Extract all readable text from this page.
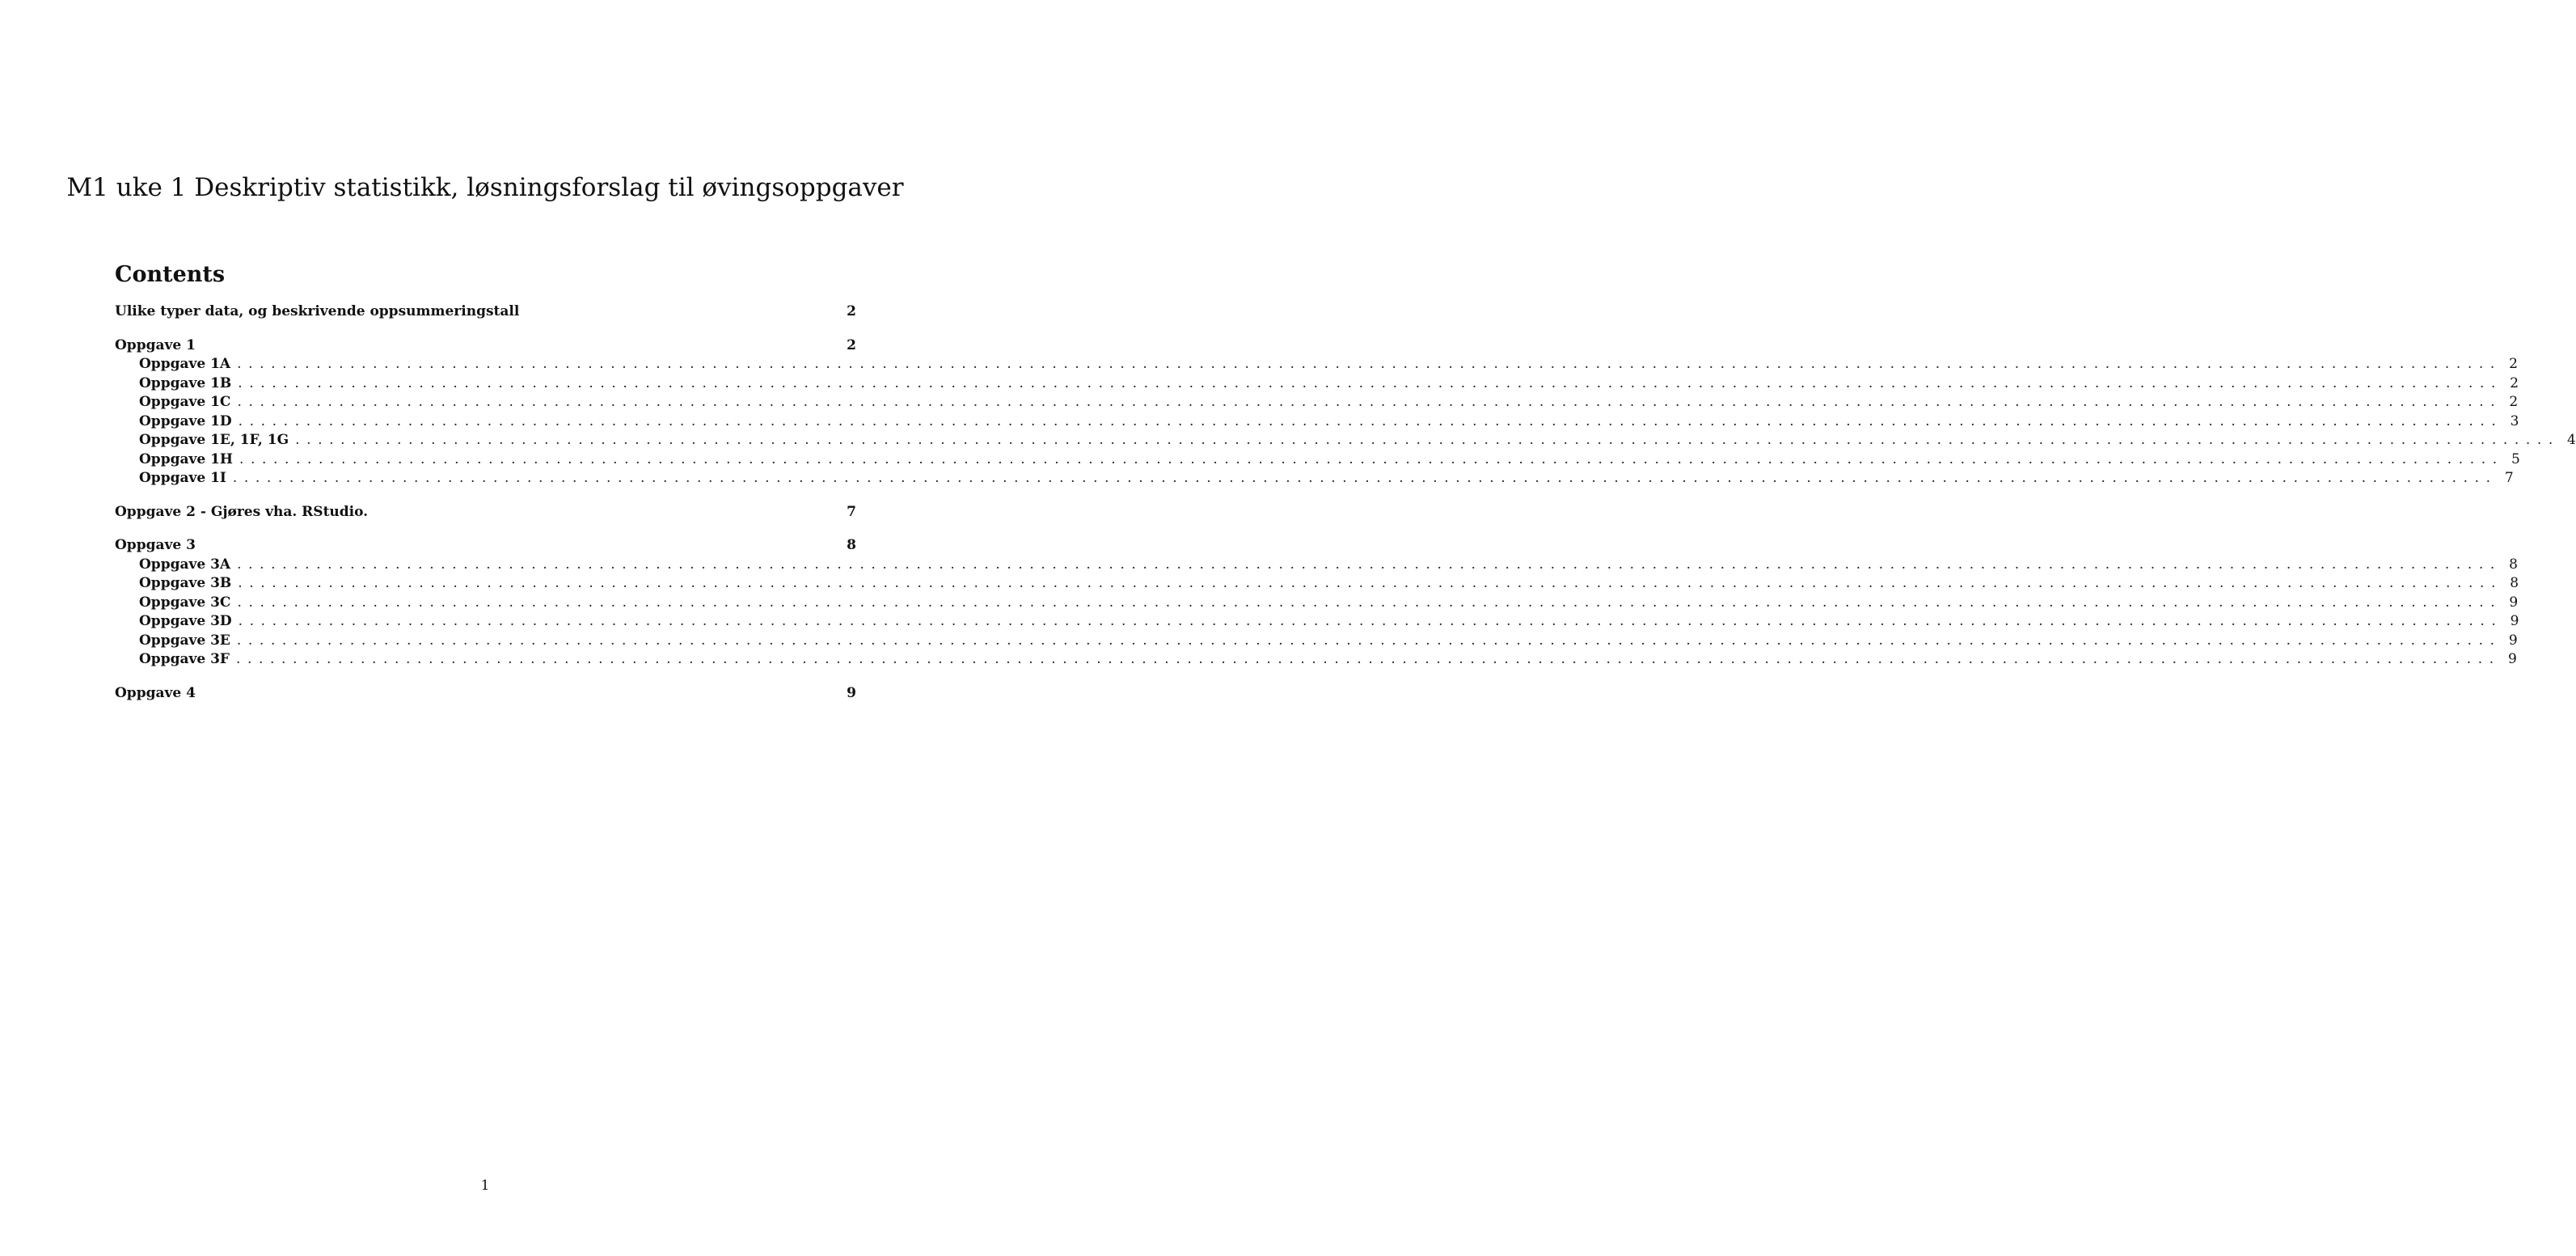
M1 uke 1 Deskriptiv statistikk, løsningsforslag til øvingsoppgaver
Contents
Ulike typer data, og beskrivende oppsummeringstall	2
Oppgave 1	2
Oppgave 1A ........................................................................................................................................................................................................ 2
Oppgave 1B ........................................................................................................................................................................................................ 2
Oppgave 1C ........................................................................................................................................................................................................ 2
Oppgave 1D ........................................................................................................................................................................................................ 3
Oppgave 1E, 1F, 1G ........................................................................................................................................................................................................ 4
Oppgave 1H ........................................................................................................................................................................................................ 5
Oppgave 1I ........................................................................................................................................................................................................ 7
Oppgave 2 - Gjøres vha. RStudio.	7
Oppgave 3	8
Oppgave 3A ........................................................................................................................................................................................................ 8
Oppgave 3B ........................................................................................................................................................................................................ 8
Oppgave 3C ........................................................................................................................................................................................................ 9
Oppgave 3D ........................................................................................................................................................................................................ 9
Oppgave 3E ........................................................................................................................................................................................................ 9
Oppgave 3F ........................................................................................................................................................................................................ 9
Oppgave 4	9
1
